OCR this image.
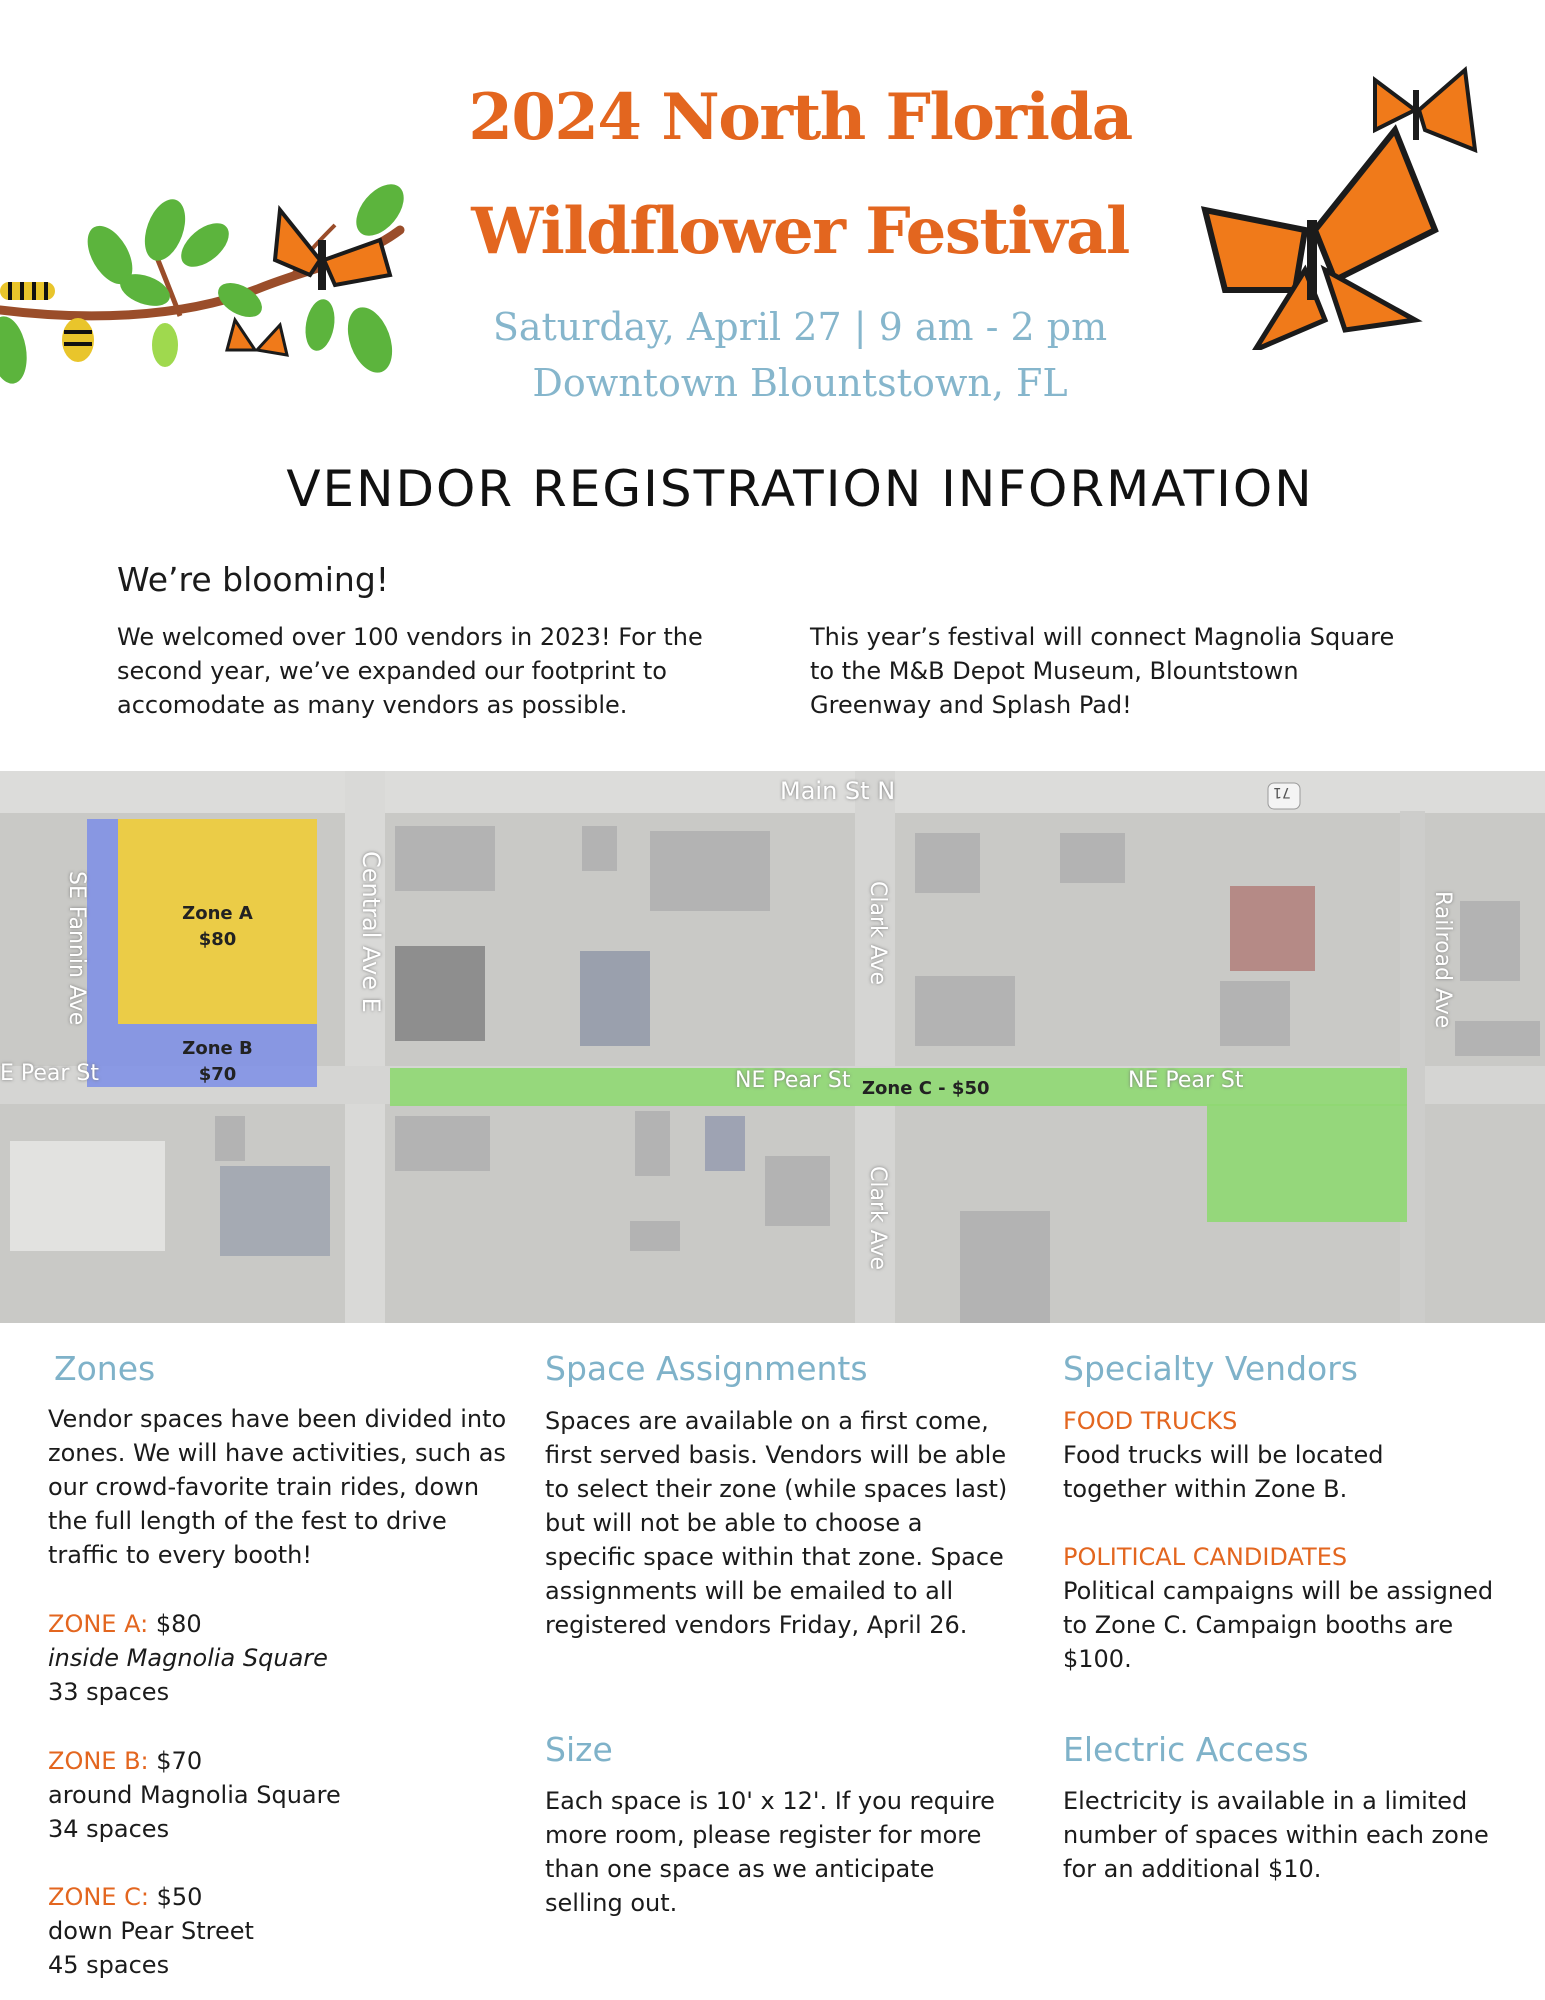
2024 North Florida
Wildflower Festival
Saturday, April 27 | 9 am - 2 pm
Downtown Blountstown, FL
VENDOR REGISTRATION INFORMATION
We’re blooming!
We welcomed over 100 vendors in 2023! For the second year, we’ve expanded our footprint to accomodate as many vendors as possible.
This year’s festival will connect Magnolia Square to the M&B Depot Museum, Blountstown Greenway and Splash Pad!
Main St N	71
Central Ave E	Clark Ave
Clark Ave
Railroad Ave
SE Fannin Ave
E Pear St	NE Pear St	NE Pear St
Zone A
$80
Zone B
$70
Zone C - $50
Zones
Vendor spaces have been divided into zones. We will have activities, such as our crowd-favorite train rides, down the full length of the fest to drive traffic to every booth!
ZONE A: $80
inside Magnolia Square
33 spaces
ZONE B: $70
around Magnolia Square
34 spaces
ZONE C: $50
down Pear Street
45 spaces
Space Assignments
Spaces are available on a first come, first served basis. Vendors will be able to select their zone (while spaces last) but will not be able to choose a specific space within that zone. Space assignments will be emailed to all registered vendors Friday, April 26.
Size
Each space is 10' x 12'. If you require more room, please register for more than one space as we anticipate selling out.
Specialty Vendors
FOOD TRUCKS
Food trucks will be located together within Zone B.
POLITICAL CANDIDATES
Political campaigns will be assigned to Zone C. Campaign booths are $100.
Electric Access
Electricity is available in a limited number of spaces within each zone for an additional $10.
